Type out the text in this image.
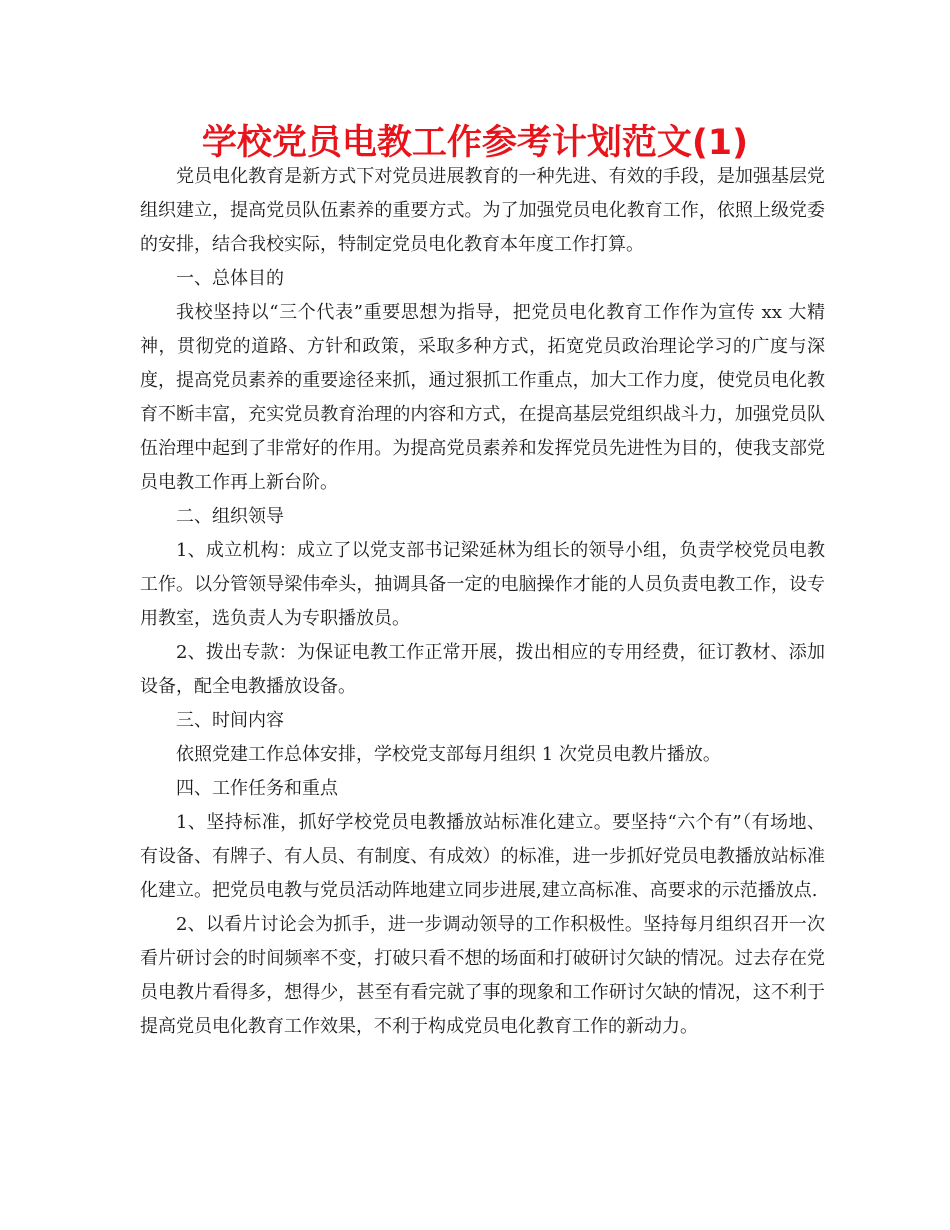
学校党员电教工作参考计划范文(1)

党员电化教育是新方式下对党员进展教育的一种先进、有效的手段，是加强基层党组织建立，提高党员队伍素养的重要方式。为了加强党员电化教育工作，依照上级党委的安排，结合我校实际，特制定党员电化教育本年度工作打算。

一、总体目的

我校坚持以“三个代表”重要思想为指导，把党员电化教育工作作为宣传 xx 大精神，贯彻党的道路、方针和政策，采取多种方式，拓宽党员政治理论学习的广度与深度，提高党员素养的重要途径来抓，通过狠抓工作重点，加大工作力度，使党员电化教育不断丰富，充实党员教育治理的内容和方式，在提高基层党组织战斗力，加强党员队伍治理中起到了非常好的作用。为提高党员素养和发挥党员先进性为目的，使我支部党员电教工作再上新台阶。

二、组织领导

1、成立机构：成立了以党支部书记梁延林为组长的领导小组，负责学校党员电教工作。以分管领导梁伟牵头，抽调具备一定的电脑操作才能的人员负责电教工作，设专用教室，选负责人为专职播放员。

2、拨出专款：为保证电教工作正常开展，拨出相应的专用经费，征订教材、添加设备，配全电教播放设备。

三、时间内容

依照党建工作总体安排，学校党支部每月组织 1 次党员电教片播放。

四、工作任务和重点

1、坚持标准，抓好学校党员电教播放站标准化建立。要坚持“六个有”（有场地、有设备、有牌子、有人员、有制度、有成效）的标准，进一步抓好党员电教播放站标准化建立。把党员电教与党员活动阵地建立同步进展,建立高标准、高要求的示范播放点.

2、以看片讨论会为抓手，进一步调动领导的工作积极性。坚持每月组织召开一次看片研讨会的时间频率不变，打破只看不想的场面和打破研讨欠缺的情况。过去存在党员电教片看得多，想得少，甚至有看完就了事的现象和工作研讨欠缺的情况，这不利于提高党员电化教育工作效果，不利于构成党员电化教育工作的新动力。
